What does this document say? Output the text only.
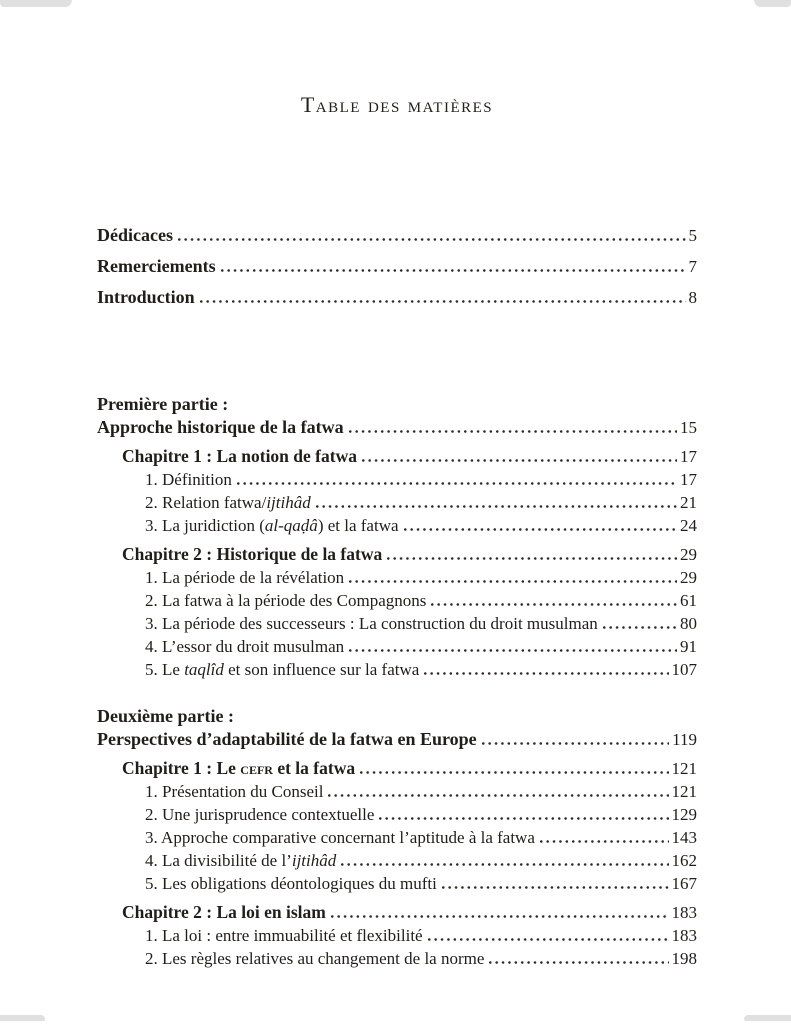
Table des matières
Dédicaces	5
Remerciements	7
Introduction	8
Première partie :
Approche historique de la fatwa	15
Chapitre 1 : La notion de fatwa	17
1. Définition	17
2. Relation fatwa/ijtihâd	21
3. La juridiction (al-qaḍâ) et la fatwa	24
Chapitre 2 : Historique de la fatwa	29
1. La période de la révélation	29
2. La fatwa à la période des Compagnons	61
3. La période des successeurs : La construction du droit musulman	80
4. L’essor du droit musulman	91
5. Le taqlîd et son influence sur la fatwa	107
Deuxième partie :
Perspectives d’adaptabilité de la fatwa en Europe	119
Chapitre 1 : Le cefr et la fatwa	121
1. Présentation du Conseil	121
2. Une jurisprudence contextuelle	129
3. Approche comparative concernant l’aptitude à la fatwa	143
4. La divisibilité de l’ijtihâd	162
5. Les obligations déontologiques du mufti	167
Chapitre 2 : La loi en islam	183
1. La loi : entre immuabilité et flexibilité	183
2. Les règles relatives au changement de la norme	198
